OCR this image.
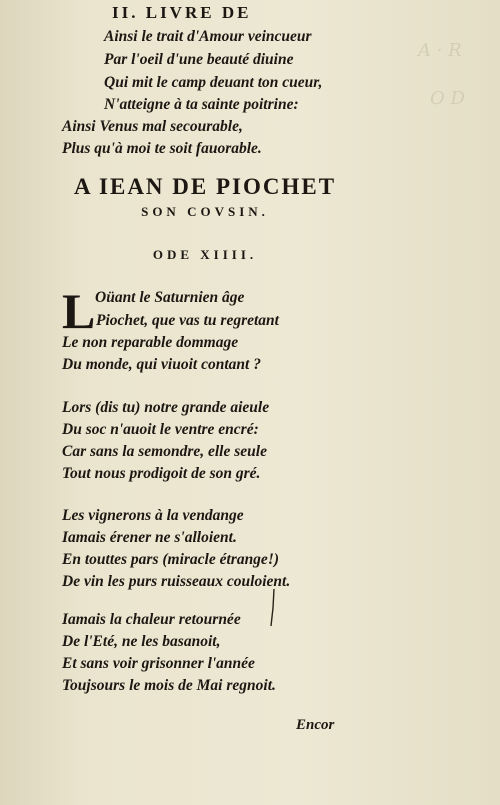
A · R
O D
II. LIVRE DE
Ainsi le trait d'Amour veincueur
Par l'oeil d'une beauté diuine
Qui mit le camp deuant ton cueur,
N'atteigne à ta sainte poitrine:
Ainsi Venus mal secourable,
Plus qu'à moi te soit fauorable.
A IEAN DE PIOCHET
SON COVSIN.
ODE XIIII.
L Oüant le Saturnien âge
Piochet, que vas tu regretant
Le non reparable dommage
Du monde, qui viuoit contant ?
Lors (dis tu) notre grande aieule
Du soc n'auoit le ventre encré:
Car sans la semondre, elle seule
Tout nous prodigoit de son gré.
Les vignerons à la vendange
Iamais érener ne s'alloient.
En touttes pars (miracle étrange!)
De vin les purs ruisseaux couloient.
Iamais la chaleur retournée
De l'Eté, ne les basanoit,
Et sans voir grisonner l'année
Toujsours le mois de Mai regnoit.
Encor
